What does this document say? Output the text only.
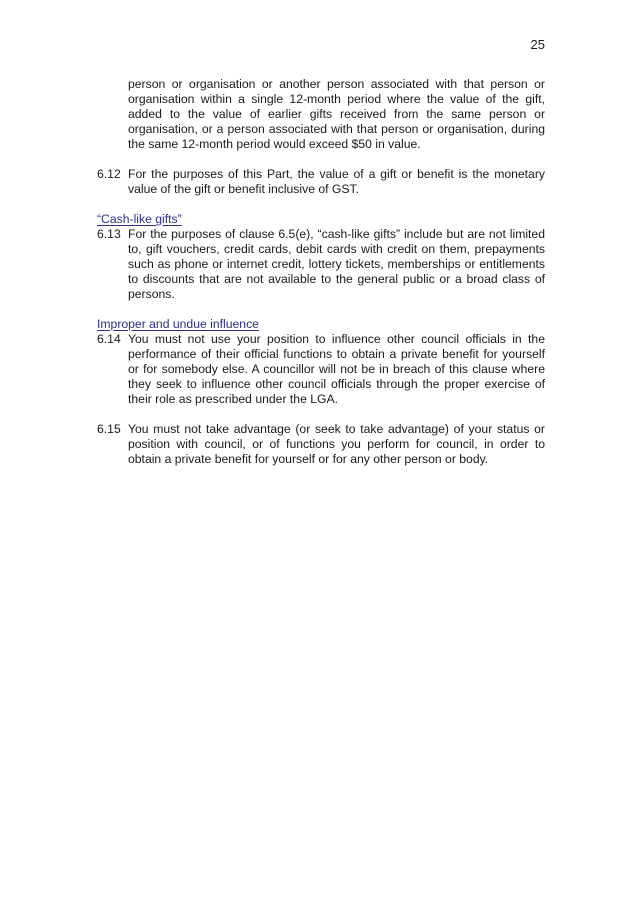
25

person or organisation or another person associated with that person or organisation within a single 12-month period where the value of the gift, added to the value of earlier gifts received from the same person or organisation, or a person associated with that person or organisation, during the same 12-month period would exceed $50 in value.

6.12 For the purposes of this Part, the value of a gift or benefit is the monetary value of the gift or benefit inclusive of GST.

“Cash-like gifts”

6.13 For the purposes of clause 6.5(e), “cash-like gifts” include but are not limited to, gift vouchers, credit cards, debit cards with credit on them, prepayments such as phone or internet credit, lottery tickets, memberships or entitlements to discounts that are not available to the general public or a broad class of persons.

Improper and undue influence

6.14 You must not use your position to influence other council officials in the performance of their official functions to obtain a private benefit for yourself or for somebody else. A councillor will not be in breach of this clause where they seek to influence other council officials through the proper exercise of their role as prescribed under the LGA.
6.15 You must not take advantage (or seek to take advantage) of your status or position with council, or of functions you perform for council, in order to obtain a private benefit for yourself or for any other person or body.
